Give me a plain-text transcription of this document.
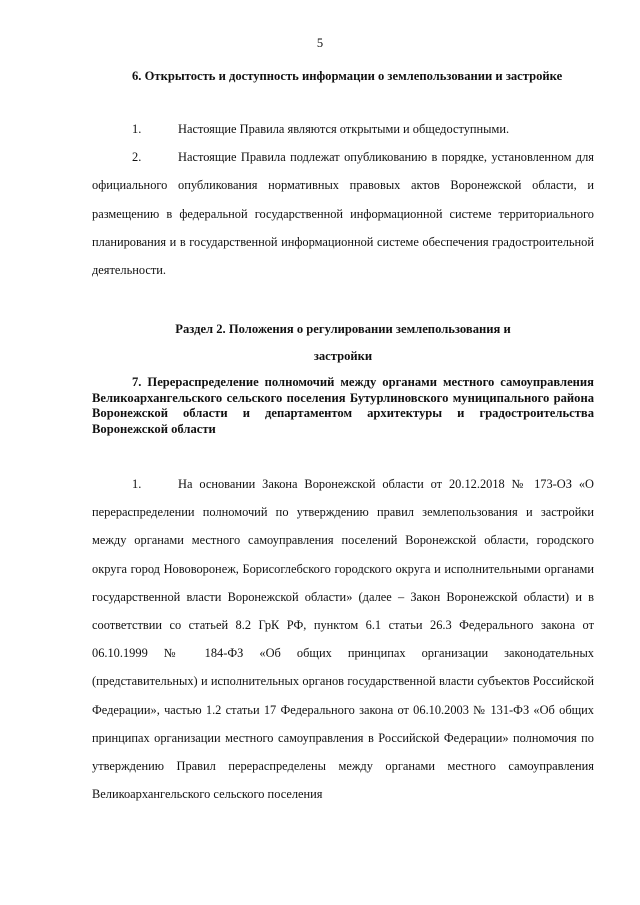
5
6. Открытость и доступность информации о землепользовании и застройке

1.	Настоящие Правила являются открытыми и общедоступными.

2.	Настоящие Правила подлежат опубликованию в порядке, установленном для официального опубликования нормативных правовых актов Воронежской области, и размещению в федеральной государственной информационной системе территориального планирования и в государственной информационной системе обеспечения градостроительной деятельности.

Раздел 2. Положения о регулировании землепользования и
застройки
7. Перераспределение полномочий между органами местного самоуправления Великоархангельского сельского поселения Бутурлиновского муниципального района Воронежской области и департаментом архитектуры и градостроительства Воронежской области

1.	На основании Закона Воронежской области от 20.12.2018 № 173-ОЗ «О перераспределении полномочий по утверждению правил землепользования и застройки между органами местного самоуправления поселений Воронежской области, городского округа город Нововоронеж, Борисоглебского городского округа и исполнительными органами государственной власти Воронежской области» (далее – Закон Воронежской области) и в соответствии со статьей 8.2 ГрК РФ, пунктом 6.1 статьи 26.3 Федерального закона от 06.10.1999 № 184-ФЗ «Об общих принципах организации законодательных (представительных) и исполнительных органов государственной власти субъектов Российской Федерации», частью 1.2 статьи 17 Федерального закона от 06.10.2003 № 131-ФЗ «Об общих принципах организации местного самоуправления в Российской Федерации» полномочия по утверждению Правил перераспределены между органами местного самоуправления Великоархангельского сельского поселения
